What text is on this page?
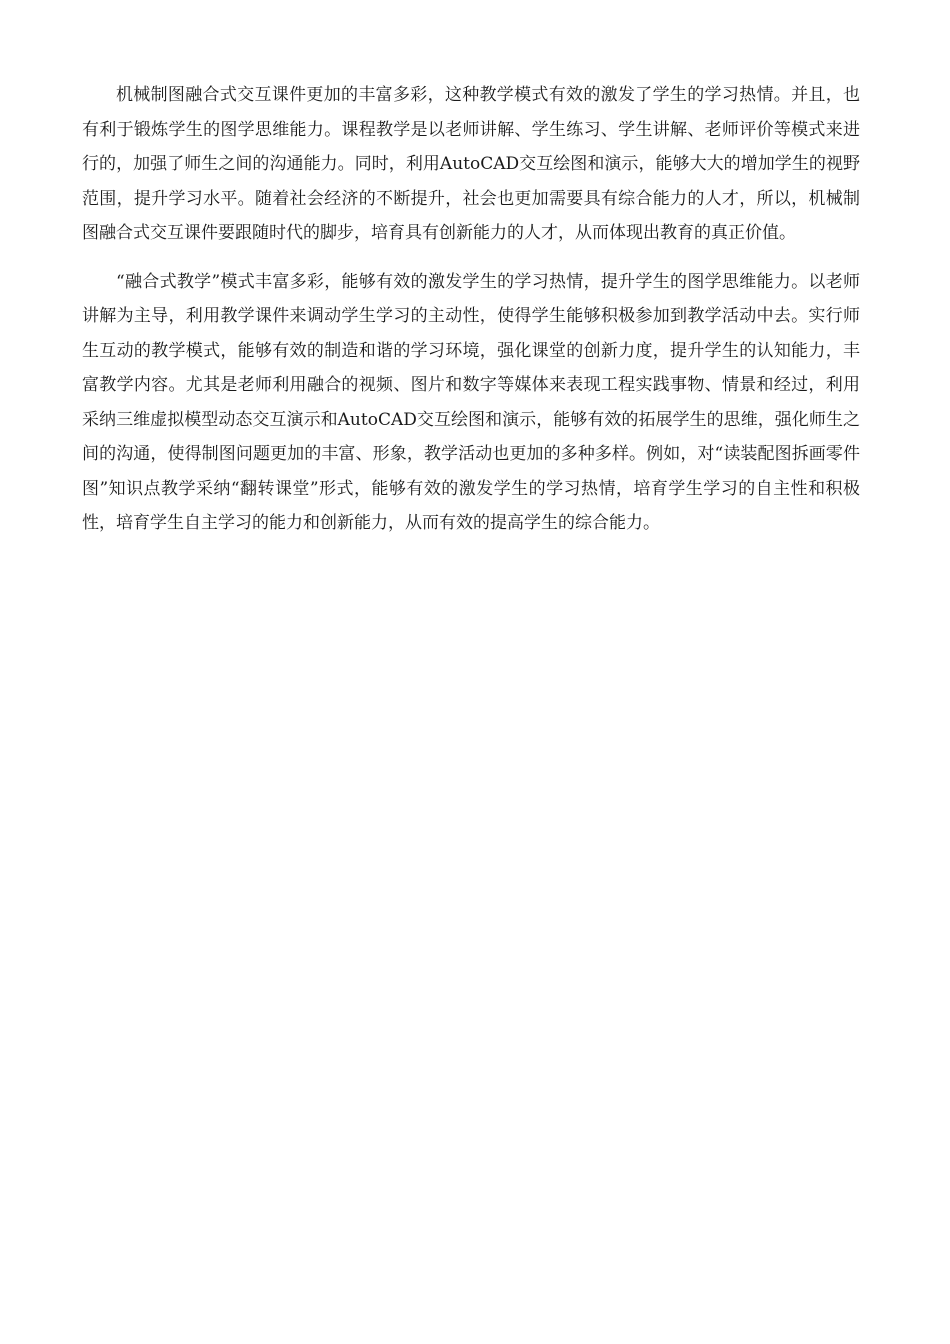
机械制图融合式交互课件更加的丰富多彩，这种教学模式有效的激发了学生的学习热情。并且，也有利于锻炼学生的图学思维能力。课程教学是以老师讲解、学生练习、学生讲解、老师评价等模式来进行的，加强了师生之间的沟通能力。同时，利用AutoCAD交互绘图和演示，能够大大的增加学生的视野范围，提升学习水平。随着社会经济的不断提升，社会也更加需要具有综合能力的人才，所以，机械制图融合式交互课件要跟随时代的脚步，培育具有创新能力的人才，从而体现出教育的真正价值。

“融合式教学”模式丰富多彩，能够有效的激发学生的学习热情，提升学生的图学思维能力。以老师讲解为主导，利用教学课件来调动学生学习的主动性，使得学生能够积极参加到教学活动中去。实行师生互动的教学模式，能够有效的制造和谐的学习环境，强化课堂的创新力度，提升学生的认知能力，丰富教学内容。尤其是老师利用融合的视频、图片和数字等媒体来表现工程实践事物、情景和经过，利用采纳三维虚拟模型动态交互演示和AutoCAD交互绘图和演示，能够有效的拓展学生的思维，强化师生之间的沟通，使得制图问题更加的丰富、形象，教学活动也更加的多种多样。例如，对“读装配图拆画零件图”知识点教学采纳“翻转课堂”形式，能够有效的激发学生的学习热情，培育学生学习的自主性和积极性，培育学生自主学习的能力和创新能力，从而有效的提高学生的综合能力。
